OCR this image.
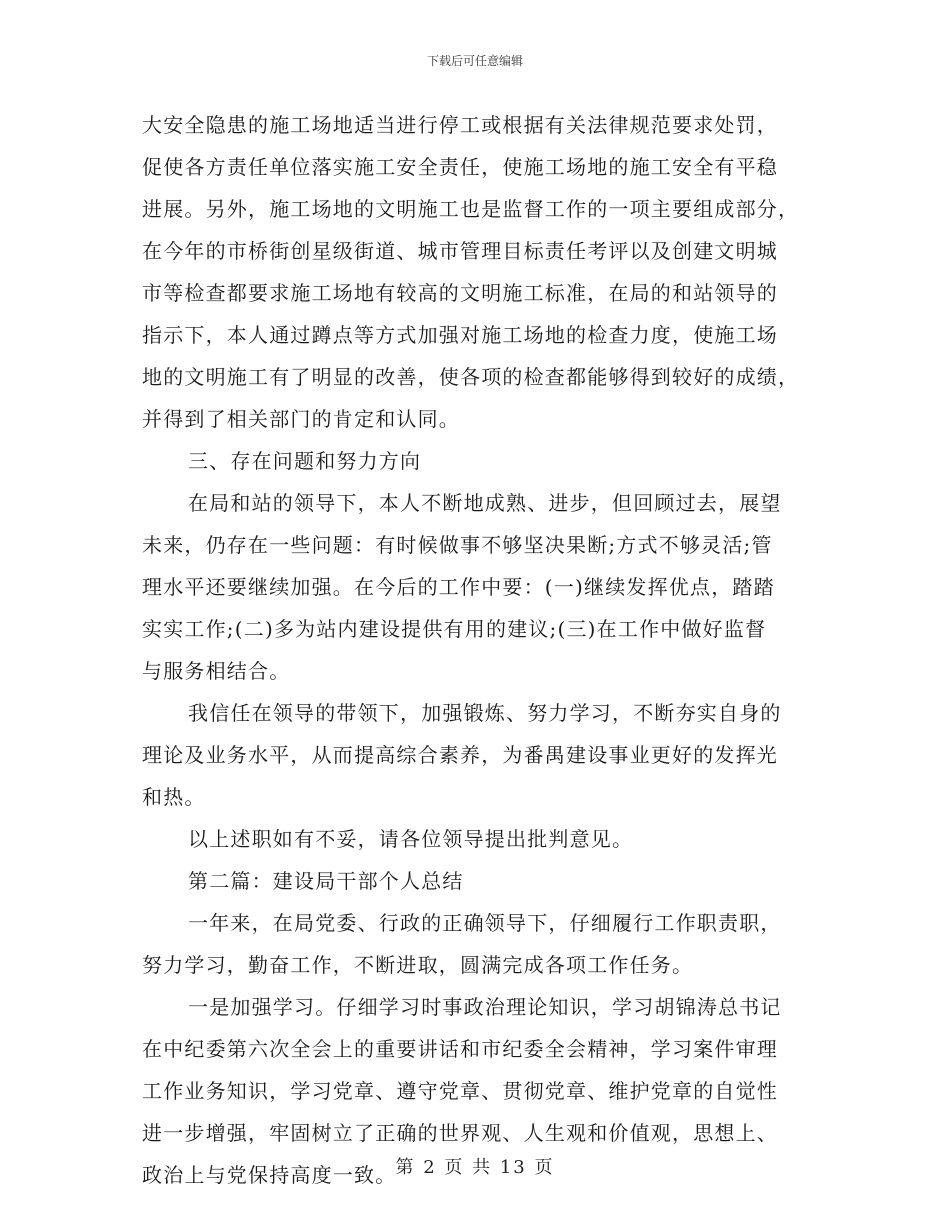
下载后可任意编辑
大安全隐患的施工场地适当进行停工或根据有关法律规范要求处罚，
促使各方责任单位落实施工安全责任，使施工场地的施工安全有平稳
进展。另外，施工场地的文明施工也是监督工作的一项主要组成部分，
在今年的市桥街创星级街道、城市管理目标责任考评以及创建文明城
市等检查都要求施工场地有较高的文明施工标准，在局的和站领导的
指示下，本人通过蹲点等方式加强对施工场地的检查力度，使施工场
地的文明施工有了明显的改善，使各项的检查都能够得到较好的成绩，
并得到了相关部门的肯定和认同。
三、存在问题和努力方向
在局和站的领导下，本人不断地成熟、进步，但回顾过去，展望
未来，仍存在一些问题：有时候做事不够坚决果断;方式不够灵活;管
理水平还要继续加强。在今后的工作中要：(一)继续发挥优点，踏踏
实实工作;(二)多为站内建设提供有用的建议;(三)在工作中做好监督
与服务相结合。
我信任在领导的带领下，加强锻炼、努力学习，不断夯实自身的
理论及业务水平，从而提高综合素养，为番禺建设事业更好的发挥光
和热。
以上述职如有不妥，请各位领导提出批判意见。
第二篇：建设局干部个人总结
一年来，在局党委、行政的正确领导下，仔细履行工作职责职，
努力学习，勤奋工作，不断进取，圆满完成各项工作任务。
一是加强学习。仔细学习时事政治理论知识，学习胡锦涛总书记
在中纪委第六次全会上的重要讲话和市纪委全会精神，学习案件审理
工作业务知识，学习党章、遵守党章、贯彻党章、维护党章的自觉性
进一步增强，牢固树立了正确的世界观、人生观和价值观，思想上、
政治上与党保持高度一致。 第 2 页 共 13 页
